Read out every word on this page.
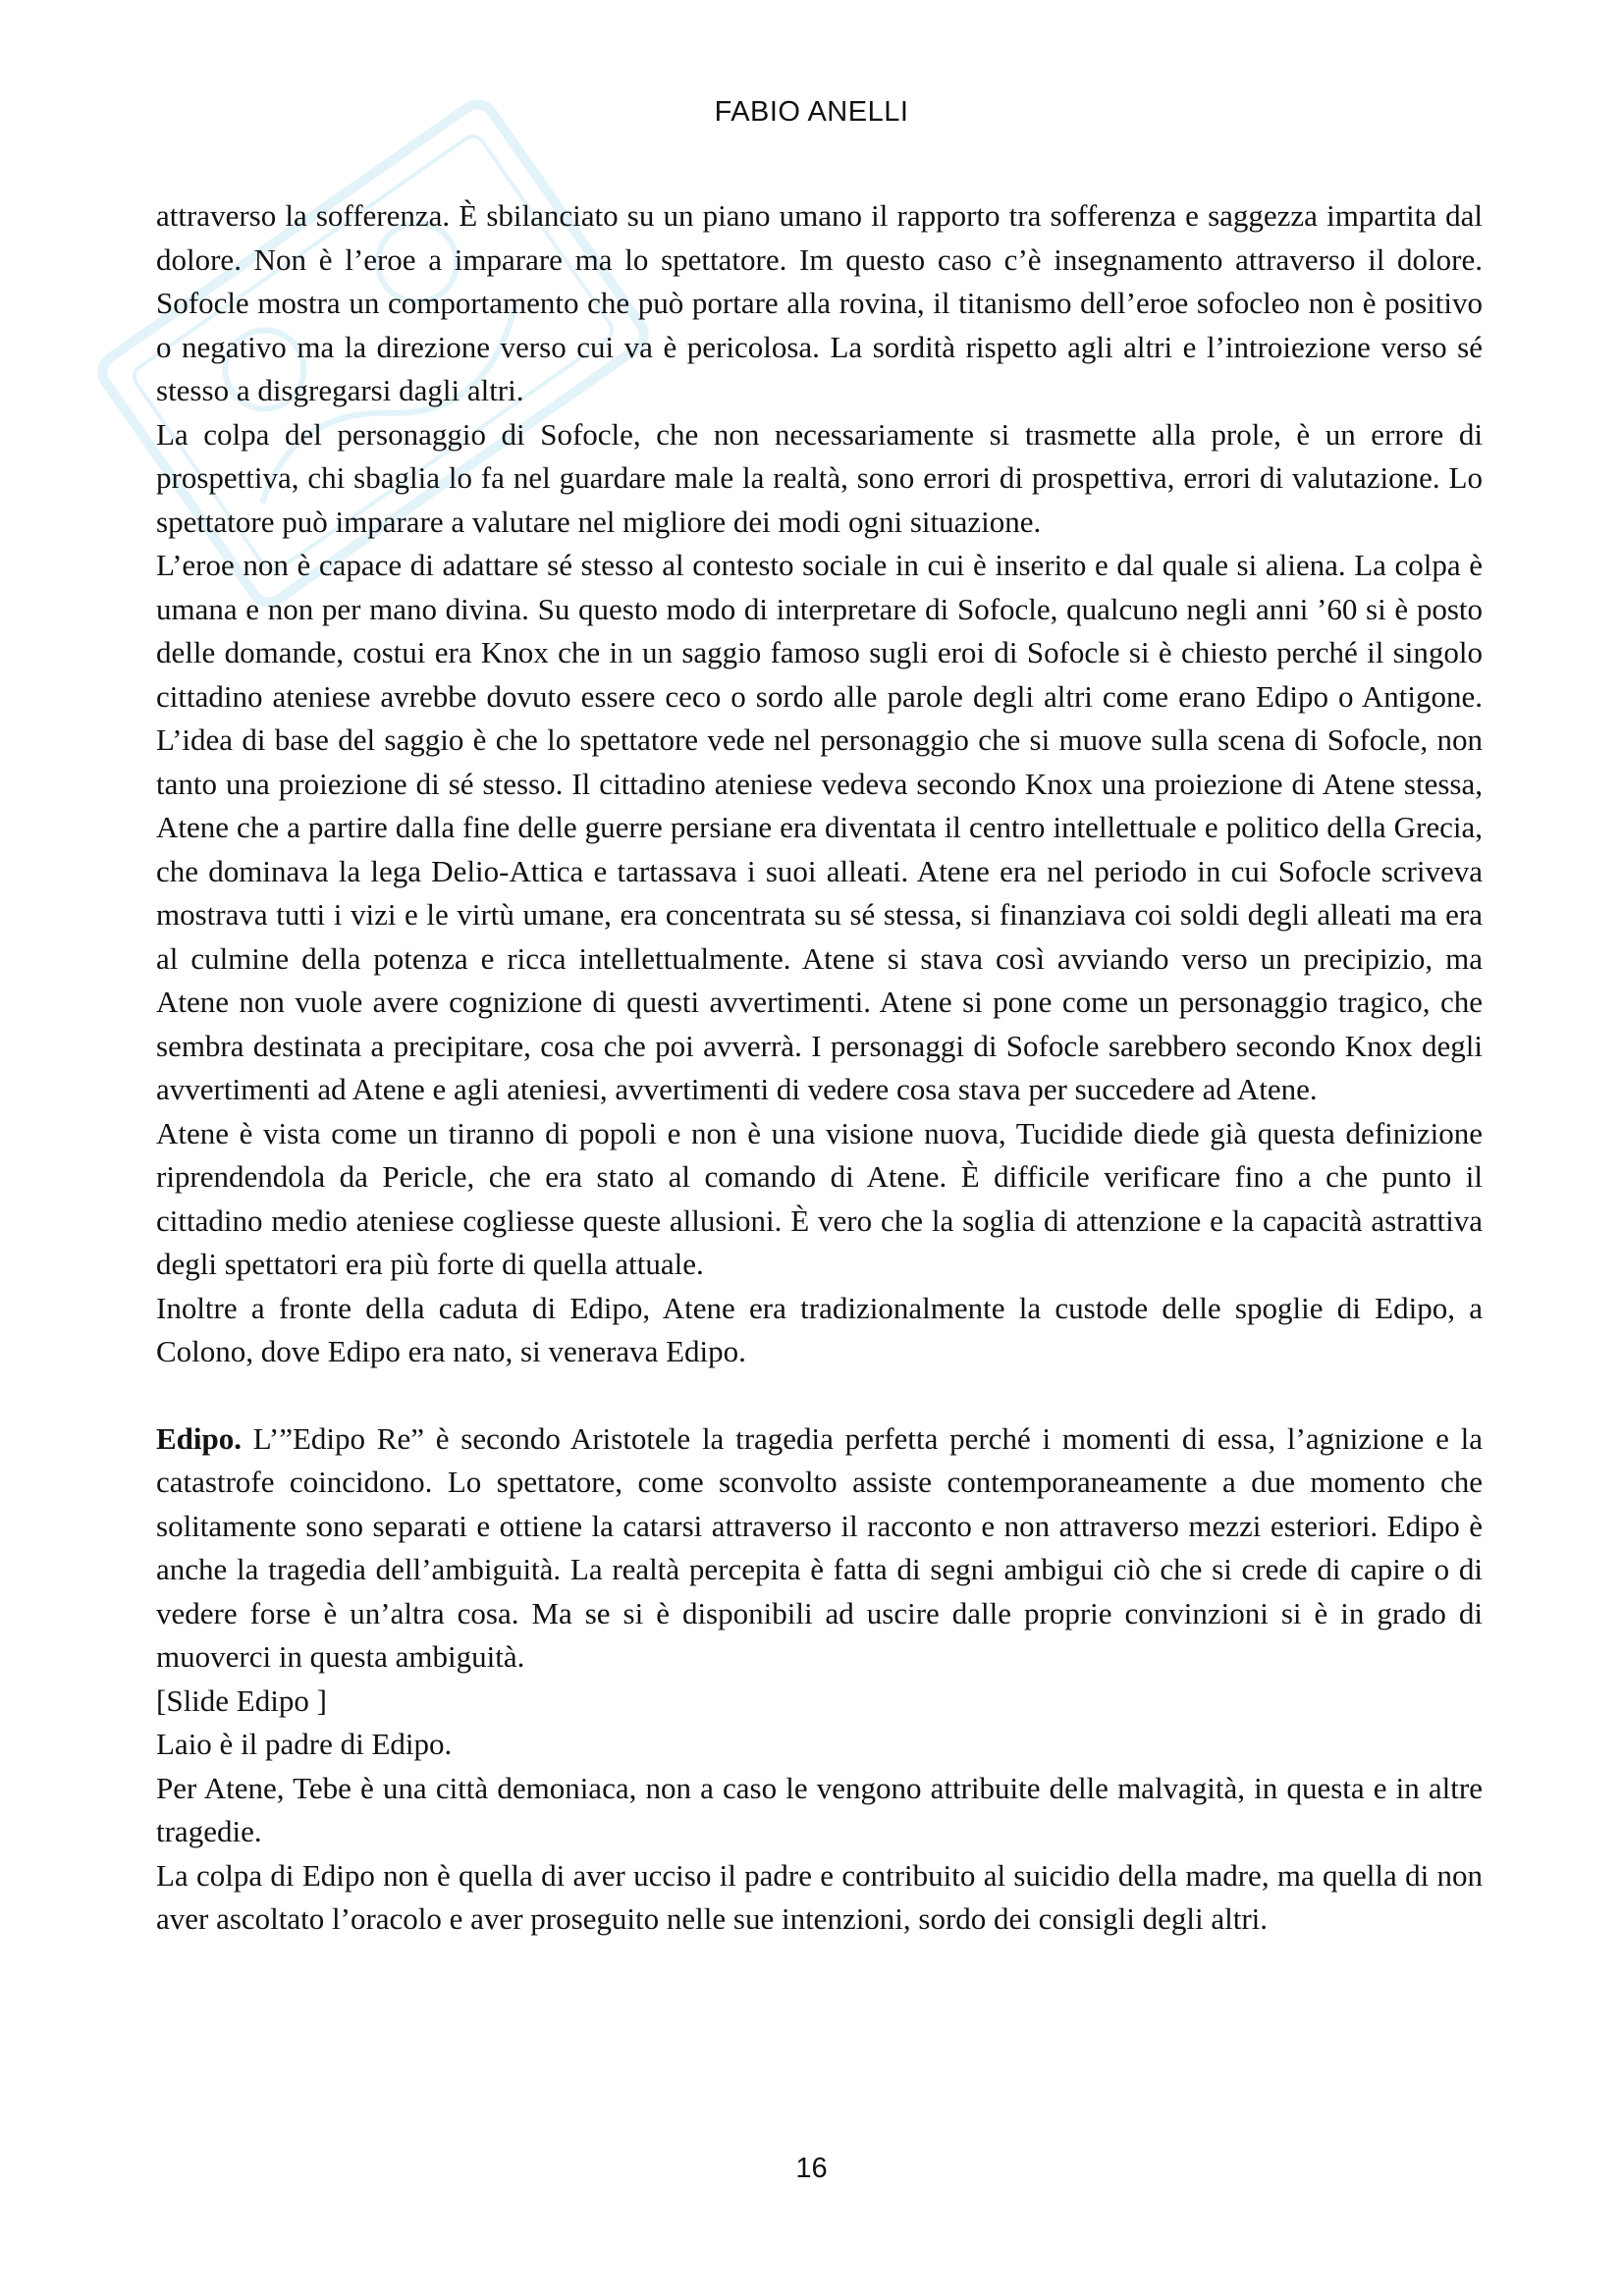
FABIO ANELLI

attraverso la sofferenza. È sbilanciato su un piano umano il rapporto tra sofferenza e saggezza impartita dal dolore. Non è l’eroe a imparare ma lo spettatore. Im questo caso c’è insegnamento attraverso il dolore. Sofocle mostra un comportamento che può portare alla rovina, il titanismo dell’eroe sofocleo non è positivo o negativo ma la direzione verso cui va è pericolosa. La sordità rispetto agli altri e l’introiezione verso sé stesso a disgregarsi dagli altri.

La colpa del personaggio di Sofocle, che non necessariamente si trasmette alla prole, è un errore di prospettiva, chi sbaglia lo fa nel guardare male la realtà, sono errori di prospettiva, errori di valutazione. Lo spettatore può imparare a valutare nel migliore dei modi ogni situazione.

L’eroe non è capace di adattare sé stesso al contesto sociale in cui è inserito e dal quale si aliena. La colpa è umana e non per mano divina. Su questo modo di interpretare di Sofocle, qualcuno negli anni ’60 si è posto delle domande, costui era Knox che in un saggio famoso sugli eroi di Sofocle si è chiesto perché il singolo cittadino ateniese avrebbe dovuto essere ceco o sordo alle parole degli altri come erano Edipo o Antigone. L’idea di base del saggio è che lo spettatore vede nel personaggio che si muove sulla scena di Sofocle, non tanto una proiezione di sé stesso. Il cittadino ateniese vedeva secondo Knox una proiezione di Atene stessa, Atene che a partire dalla fine delle guerre persiane era diventata il centro intellettuale e politico della Grecia, che dominava la lega Delio-Attica e tartassava i suoi alleati. Atene era nel periodo in cui Sofocle scriveva mostrava tutti i vizi e le virtù umane, era concentrata su sé stessa, si finanziava coi soldi degli alleati ma era al culmine della potenza e ricca intellettualmente. Atene si stava così avviando verso un precipizio, ma Atene non vuole avere cognizione di questi avvertimenti. Atene si pone come un personaggio tragico, che sembra destinata a precipitare, cosa che poi avverrà. I personaggi di Sofocle sarebbero secondo Knox degli avvertimenti ad Atene e agli ateniesi, avvertimenti di vedere cosa stava per succedere ad Atene.

Atene è vista come un tiranno di popoli e non è una visione nuova, Tucidide diede già questa definizione riprendendola da Pericle, che era stato al comando di Atene. È difficile verificare fino a che punto il cittadino medio ateniese cogliesse queste allusioni. È vero che la soglia di attenzione e la capacità astrattiva degli spettatori era più forte di quella attuale.

Inoltre a fronte della caduta di Edipo, Atene era tradizionalmente la custode delle spoglie di Edipo, a Colono, dove Edipo era nato, si venerava Edipo.

Edipo. L’”Edipo Re” è secondo Aristotele la tragedia perfetta perché i momenti di essa, l’agnizione e la catastrofe coincidono. Lo spettatore, come sconvolto assiste contemporaneamente a due momento che solitamente sono separati e ottiene la catarsi attraverso il racconto e non attraverso mezzi esteriori. Edipo è anche la tragedia dell’ambiguità. La realtà percepita è fatta di segni ambigui ciò che si crede di capire o di vedere forse è un’altra cosa. Ma se si è disponibili ad uscire dalle proprie convinzioni si è in grado di muoverci in questa ambiguità.

[Slide Edipo ]

Laio è il padre di Edipo.

Per Atene, Tebe è una città demoniaca, non a caso le vengono attribuite delle malvagità, in questa e in altre tragedie.

La colpa di Edipo non è quella di aver ucciso il padre e contribuito al suicidio della madre, ma quella di non aver ascoltato l’oracolo e aver proseguito nelle sue intenzioni, sordo dei consigli degli altri.

16
